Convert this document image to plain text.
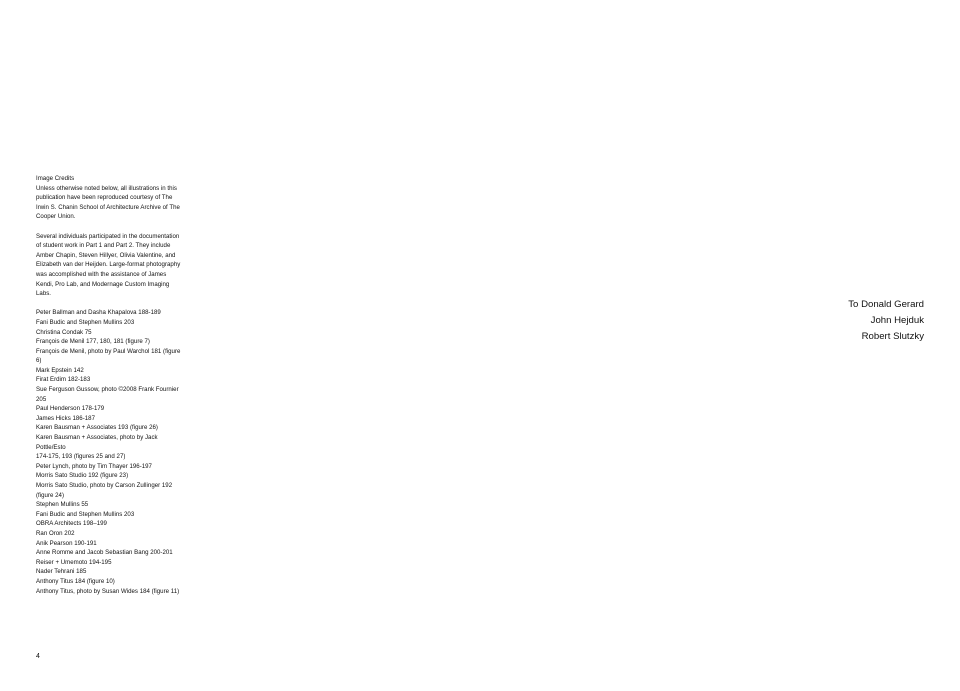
Image Credits

Unless otherwise noted below, all illustrations in this publication have been reproduced courtesy of The Irwin S. Chanin School of Architecture Archive of The Cooper Union.

Several individuals participated in the documentation of student work in Part 1 and Part 2. They include Amber Chapin, Steven Hillyer, Olivia Valentine, and Elizabeth van der Heijden. Large-format photography was accomplished with the assistance of James Kendi, Pro Lab, and Modernage Custom Imaging Labs.

Peter Ballman and Dasha Khapalova 188-189
Fani Budic and Stephen Mullins 203
Christina Condak 75
François de Menil 177, 180, 181 (figure 7)
François de Menil, photo by Paul Warchol 181 (figure 6)
Mark Epstein 142
Firat Erdim 182-183
Sue Ferguson Gussow, photo ©2008 Frank Fournier 205
Paul Henderson 178-179
James Hicks 186-187
Karen Bausman + Associates 193 (figure 26)
Karen Bausman + Associates, photo by Jack Pottle/Esto
174-175, 193 (figures 25 and 27)
Peter Lynch, photo by Tim Thayer 196-197
Morris Sato Studio 192 (figure 23)
Morris Sato Studio, photo by Carson Zullinger 192 (figure 24)
Stephen Mullins 55
Fani Budic and Stephen Mullins 203
OBRA Architects 198–199
Ran Oron 202
Anik Pearson 190-191
Anne Romme and Jacob Sebastian Bang 200-201
Reiser + Umemoto 194-195
Nader Tehrani 185
Anthony Titus 184 (figure 10)
Anthony Titus, photo by Susan Wides 184 (figure 11)
4

To Donald Gerard

John Hejduk

Robert Slutzky
